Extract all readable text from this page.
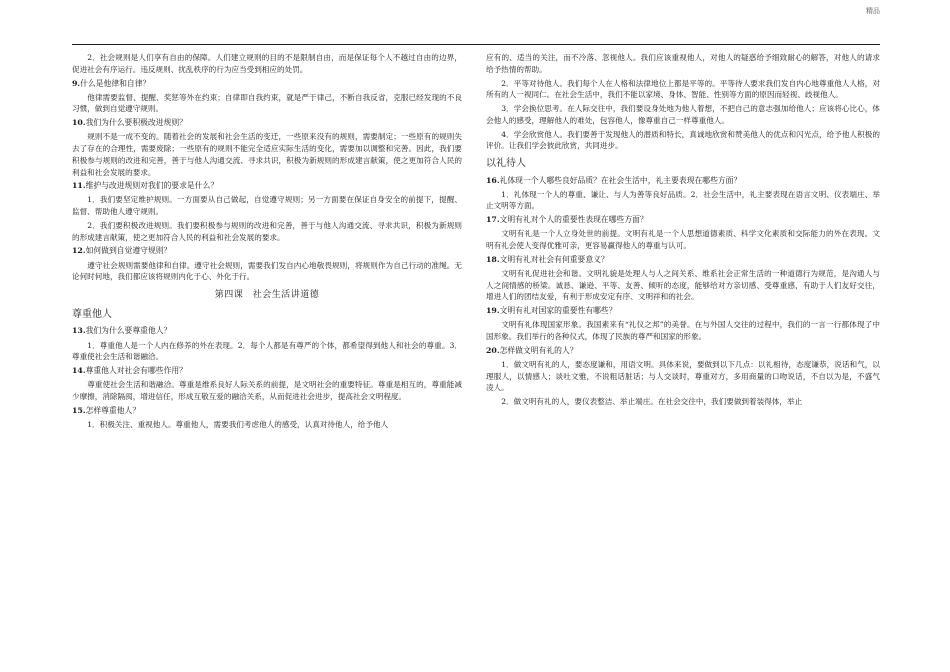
精品

2．社会规则是人们享有自由的保障。人们建立规则的目的不是限制自由，而是保证每个人不越过自由的边界，促进社会有序运行。违反规则、扰乱秩序的行为应当受到相应的处罚。

9.什么是他律和自律？

他律需要监督、提醒、奖惩等外在约束；自律即自我约束，就是严于律己，不断自我反省，克服已经发现的不良习惯，做到自觉遵守规则。

10.我们为什么要积极改进规则？

规则不是一成不变的。随着社会的发展和社会生活的变迁，一些原来没有的规则，需要制定；一些原有的规则失去了存在的合理性，需要废除；一些原有的规则不能完全适应实际生活的变化，需要加以调整和完善。因此，我们要积极参与规则的改进和完善，善于与他人沟通交流、寻求共识，积极为新规则的形成建言献策，使之更加符合人民的利益和社会发展的要求。

11.维护与改进规则对我们的要求是什么？

1．我们要坚定维护规则。一方面要从自己做起，自觉遵守规则；另一方面要在保证自身安全的前提下，提醒、监督、帮助他人遵守规则。

2．我们要积极改进规则。我们要积极参与规则的改进和完善，善于与他人沟通交流、寻求共识，积极为新规则的形成建言献策，使之更加符合人民的利益和社会发展的要求。

12.如何做到自觉遵守规则？

遵守社会规则需要他律和自律。遵守社会规则，需要我们发自内心地敬畏规则，将规则作为自己行动的准绳。无论何时何地，我们都应该将规则内化于心、外化于行。

第四课　社会生活讲道德
尊重他人

13.我们为什么要尊重他人？

1．尊重他人是一个人内在修养的外在表现。2．每个人都是有尊严的个体，都希望得到他人和社会的尊重。3．尊重使社会生活和谐融洽。

14.尊重他人对社会有哪些作用？

尊重使社会生活和谐融洽。尊重是维系良好人际关系的前提，是文明社会的重要特征。尊重是相互的，尊重能减少摩擦，消除隔阂，增进信任，形成互敬互爱的融洽关系，从而促进社会进步，提高社会文明程度。

15.怎样尊重他人？

1．积极关注、重视他人。尊重他人，需要我们考虑他人的感受，认真对待他人，给予他人

应有的、适当的关注，而不冷落、忽视他人。我们应该重视他人，对他人的疑惑给予细致耐心的解答，对他人的请求给予热情的帮助。

2．平等对待他人。我们每个人在人格和法律地位上都是平等的。平等待人要求我们发自内心地尊重他人人格，对所有的人一视同仁。在社会生活中，我们不能以家境、身体、智能、性别等方面的原因而轻视、歧视他人。

3．学会换位思考。在人际交往中，我们要设身处地为他人着想，不把自己的意志强加给他人；应该将心比心，体会他人的感受，理解他人的难处，包容他人，像尊重自己一样尊重他人。

4．学会欣赏他人。我们要善于发现他人的潜质和特长，真诚地欣赏和赞美他人的优点和闪光点，给予他人积极的评价。让我们学会彼此欣赏，共同进步。

以礼待人

16.礼体现一个人哪些良好品质？在社会生活中，礼主要表现在哪些方面？

1．礼体现一个人的尊重、谦让、与人为善等良好品质。2．社会生活中，礼主要表现在语言文明、仪表端庄、举止文明等方面。

17.文明有礼对个人的重要性表现在哪些方面？

文明有礼是一个人立身处世的前提。文明有礼是一个人思想道德素质、科学文化素质和交际能力的外在表现。文明有礼会使人变得优雅可亲，更容易赢得他人的尊重与认可。

18.文明有礼对社会有何重要意义？

文明有礼促进社会和谐。文明礼貌是处理人与人之间关系、维系社会正常生活的一种道德行为规范，是沟通人与人之间情感的桥梁。诚恳、谦逊、平等、友善、倾听的态度，能够给对方亲切感、受尊重感，有助于人们友好交往，增进人们的团结友爱，有利于形成安定有序、文明祥和的社会。

19.文明有礼对国家的重要性有哪些？

文明有礼体现国家形象。我国素来有“礼仪之邦”的美誉。在与外国人交往的过程中，我们的一言一行都体现了中国形象。我们举行的各种仪式，体现了民族的尊严和国家的形象。

20.怎样做文明有礼的人？

1．做文明有礼的人，要态度谦和，用语文明。具体来说，要做到以下几点：以礼相待，态度谦恭，说话和气，以理服人，以情感人；谈吐文雅，不说粗话脏话；与人交谈时，尊重对方，多用商量的口吻说话，不自以为是，不盛气凌人。

2．做文明有礼的人，要仪表整洁、举止端庄。在社会交往中，我们要做到着装得体，举止
